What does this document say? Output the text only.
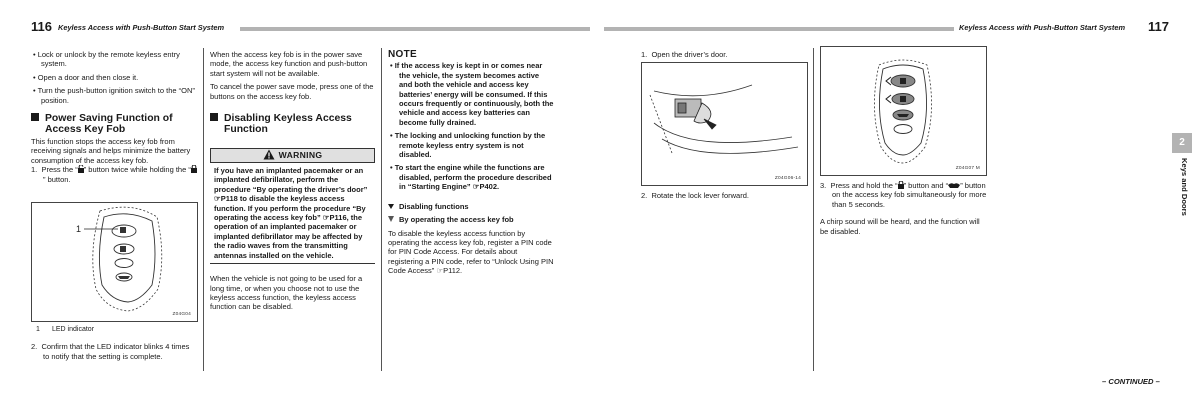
116 Keyless Access with Push-Button Start System

• Lock or unlock by the remote keyless entry system.

• Open a door and then close it.

• Turn the push-button ignition switch to the “ON” position.

Power Saving Function of Access Key Fob

This function stops the access key fob from receiving signals and helps minimize the battery consumption of the access key fob.

1. Press the “ ” button twice while holding the “” button.

1
Z04G04

1 LED indicator

2. Confirm that the LED indicator blinks 4 times to notify that the setting is complete.

When the access key fob is in the power save mode, the access key function and push-button start system will not be available.

To cancel the power save mode, press one of the buttons on the access key fob.

Disabling Keyless Access Function
WARNING
If you have an implanted pacemaker or an implanted defibrillator, perform the procedure “By operating the driver’s door” ☞P118 to disable the keyless access function. If you perform the procedure “By operating the access key fob” ☞P116, the operation of an implanted pacemaker or implanted defibrillator may be affected by the radio waves from the transmitting antennas installed on the vehicle.

When the vehicle is not going to be used for a long time, or when you choose not to use the keyless access function, the keyless access function can be disabled.

NOTE

• If the access key is kept in or comes near the vehicle, the system becomes active and both the vehicle and access key batteries’ energy will be consumed. If this occurs frequently or continuously, both the vehicle and access key batteries can become fully drained.

• The locking and unlocking function by the remote keyless entry system is not disabled.

• To start the engine while the functions are disabled, perform the procedure described in “Starting Engine” ☞P402.

Disabling functions

By operating the access key fob

To disable the keyless access function by operating the access key fob, register a PIN code for PIN Code Access. For details about registering a PIN code, refer to “Unlock Using PIN Code Access” ☞P112.

Keyless Access with Push-Button Start System 117

1. Open the driver’s door.

Z04G06-14

2. Rotate the lock lever forward.

Z04G07 M

3. Press and hold the “ ” button and “ ” button on the access key fob simultaneously for more than 5 seconds.

A chirp sound will be heard, and the function will be disabled.

2
Keys and Doors
– CONTINUED –
